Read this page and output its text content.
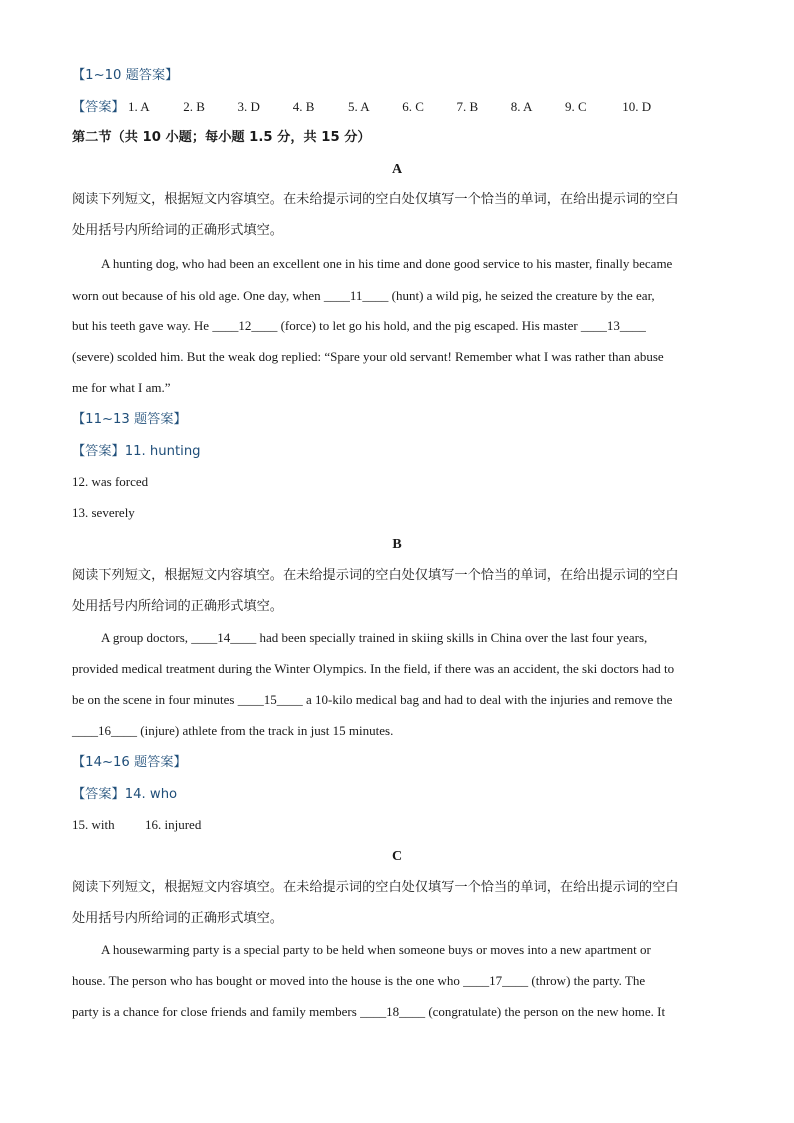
【1~10 题答案】
【答案】 1. A	2. B	3. D	4. B	5. A	6. C	7. B	8. A	9. C	10. D
第二节（共 10 小题；每小题 1.5 分，共 15 分）
A
阅读下列短文，根据短文内容填空。在未给提示词的空白处仅填写一个恰当的单词，在给出提示词的空白
处用括号内所给词的正确形式填空。
A hunting dog, who had been an excellent one in his time and done good service to his master, finally became
worn out because of his old age. One day, when ____11____ (hunt) a wild pig, he seized the creature by the ear,
but his teeth gave way. He ____12____ (force) to let go his hold, and the pig escaped. His master ____13____
(severe) scolded him. But the weak dog replied: “Spare your old servant! Remember what I was rather than abuse
me for what I am.”
【11~13 题答案】
【答案】11. hunting
12. was forced
13. severely
B
阅读下列短文，根据短文内容填空。在未给提示词的空白处仅填写一个恰当的单词，在给出提示词的空白
处用括号内所给词的正确形式填空。
A group doctors, ____14____ had been specially trained in skiing skills in China over the last four years,
provided medical treatment during the Winter Olympics. In the field, if there was an accident, the ski doctors had to
be on the scene in four minutes ____15____ a 10-kilo medical bag and had to deal with the injuries and remove the
____16____ (injure) athlete from the track in just 15 minutes.
【14~16 题答案】
【答案】14. who
15. with 16. injured
C
阅读下列短文，根据短文内容填空。在未给提示词的空白处仅填写一个恰当的单词，在给出提示词的空白
处用括号内所给词的正确形式填空。
A housewarming party is a special party to be held when someone buys or moves into a new apartment or
house. The person who has bought or moved into the house is the one who ____17____ (throw) the party. The
party is a chance for close friends and family members ____18____ (congratulate) the person on the new home. It
